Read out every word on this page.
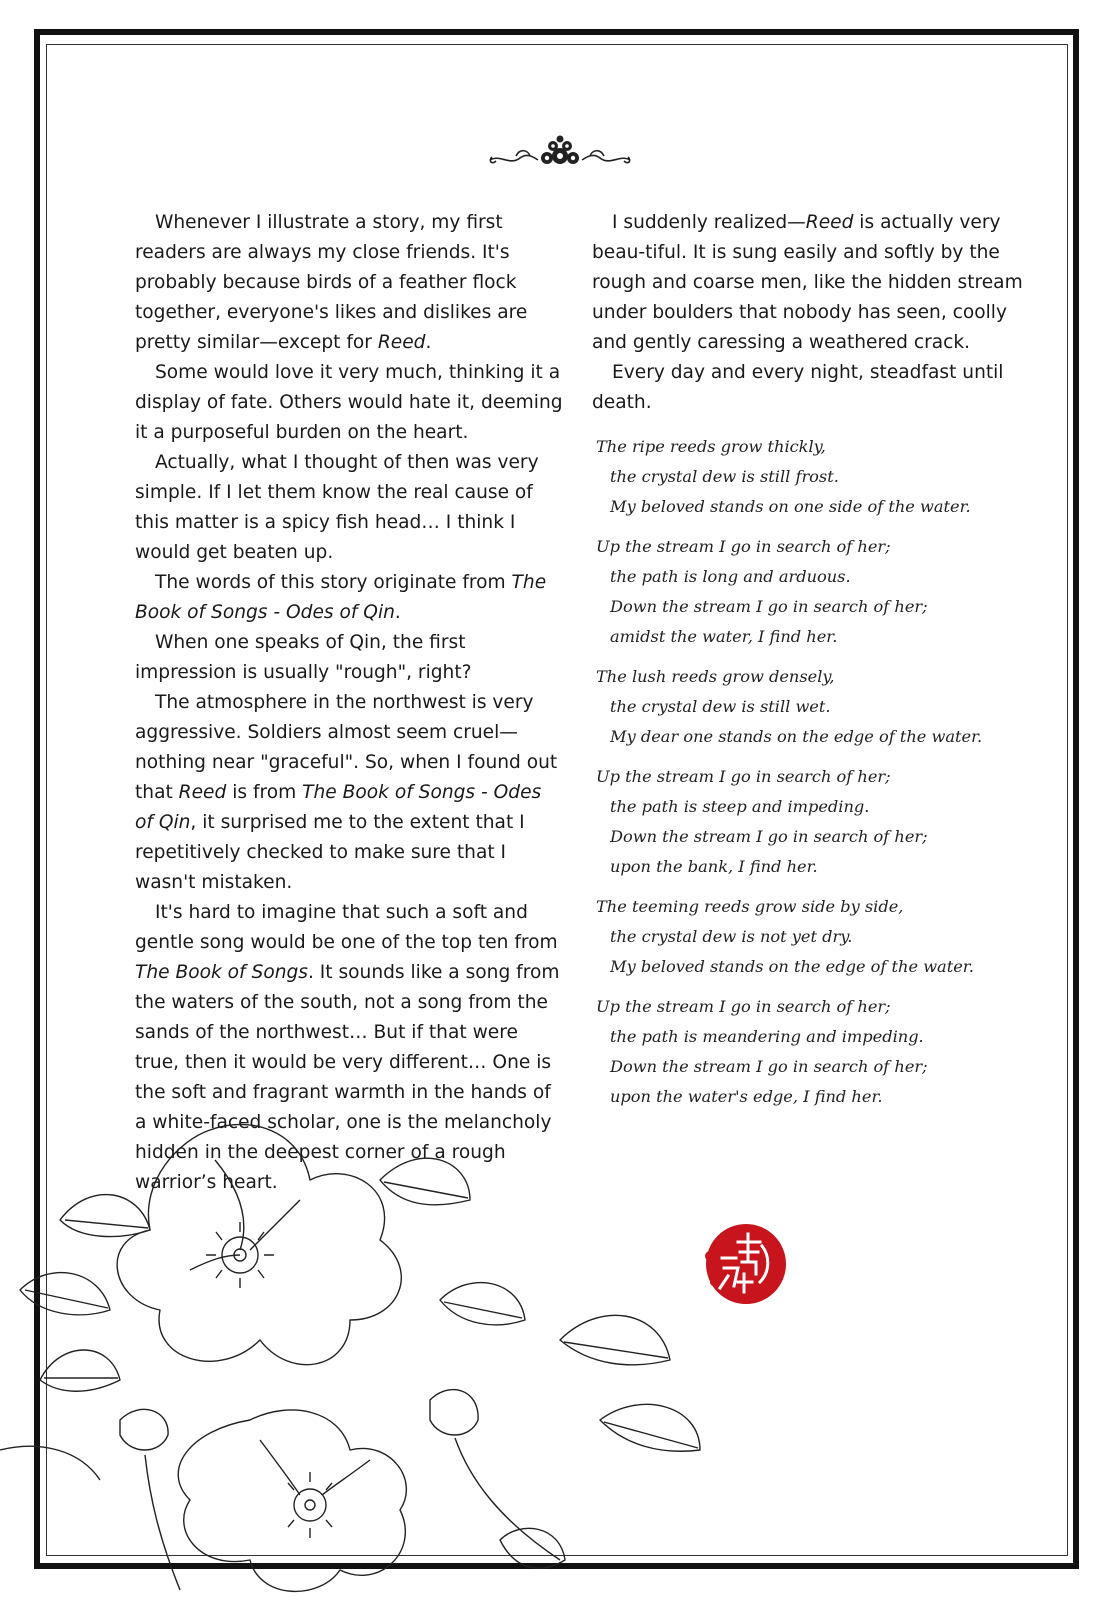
Whenever I illustrate a story, my first readers are always my close friends. It's probably because birds of a feather flock together, everyone's likes and dislikes are pretty similar—except for Reed.

Some would love it very much, thinking it a display of fate. Others would hate it, deeming it a purposeful burden on the heart.

Actually, what I thought of then was very simple. If I let them know the real cause of this matter is a spicy fish head… I think I would get beaten up.

The words of this story originate from The Book of Songs - Odes of Qin.

When one speaks of Qin, the first impression is usually "rough", right?

The atmosphere in the northwest is very aggressive. Soldiers almost seem cruel—nothing near "graceful". So, when I found out that Reed is from The Book of Songs - Odes of Qin, it surprised me to the extent that I repetitively checked to make sure that I wasn't mistaken.

It's hard to imagine that such a soft and gentle song would be one of the top ten from The Book of Songs. It sounds like a song from the waters of the south, not a song from the sands of the northwest… But if that were true, then it would be very different… One is the soft and fragrant warmth in the hands of a white-faced scholar, one is the melancholy hidden in the deepest corner of a rough warrior’s heart.

I suddenly realized—Reed is actually very beau-tiful. It is sung easily and softly by the rough and coarse men, like the hidden stream under boulders that nobody has seen, coolly and gently caressing a weathered crack.

Every day and every night, steadfast until death.

The ripe reeds grow thickly,
the crystal dew is still frost.
My beloved stands on one side of the water.
Up the stream I go in search of her;
the path is long and arduous.
Down the stream I go in search of her;
amidst the water, I find her.
The lush reeds grow densely,
the crystal dew is still wet.
My dear one stands on the edge of the water.
Up the stream I go in search of her;
the path is steep and impeding.
Down the stream I go in search of her;
upon the bank, I find her.
The teeming reeds grow side by side,
the crystal dew is not yet dry.
My beloved stands on the edge of the water.
Up the stream I go in search of her;
the path is meandering and impeding.
Down the stream I go in search of her;
upon the water's edge, I find her.
